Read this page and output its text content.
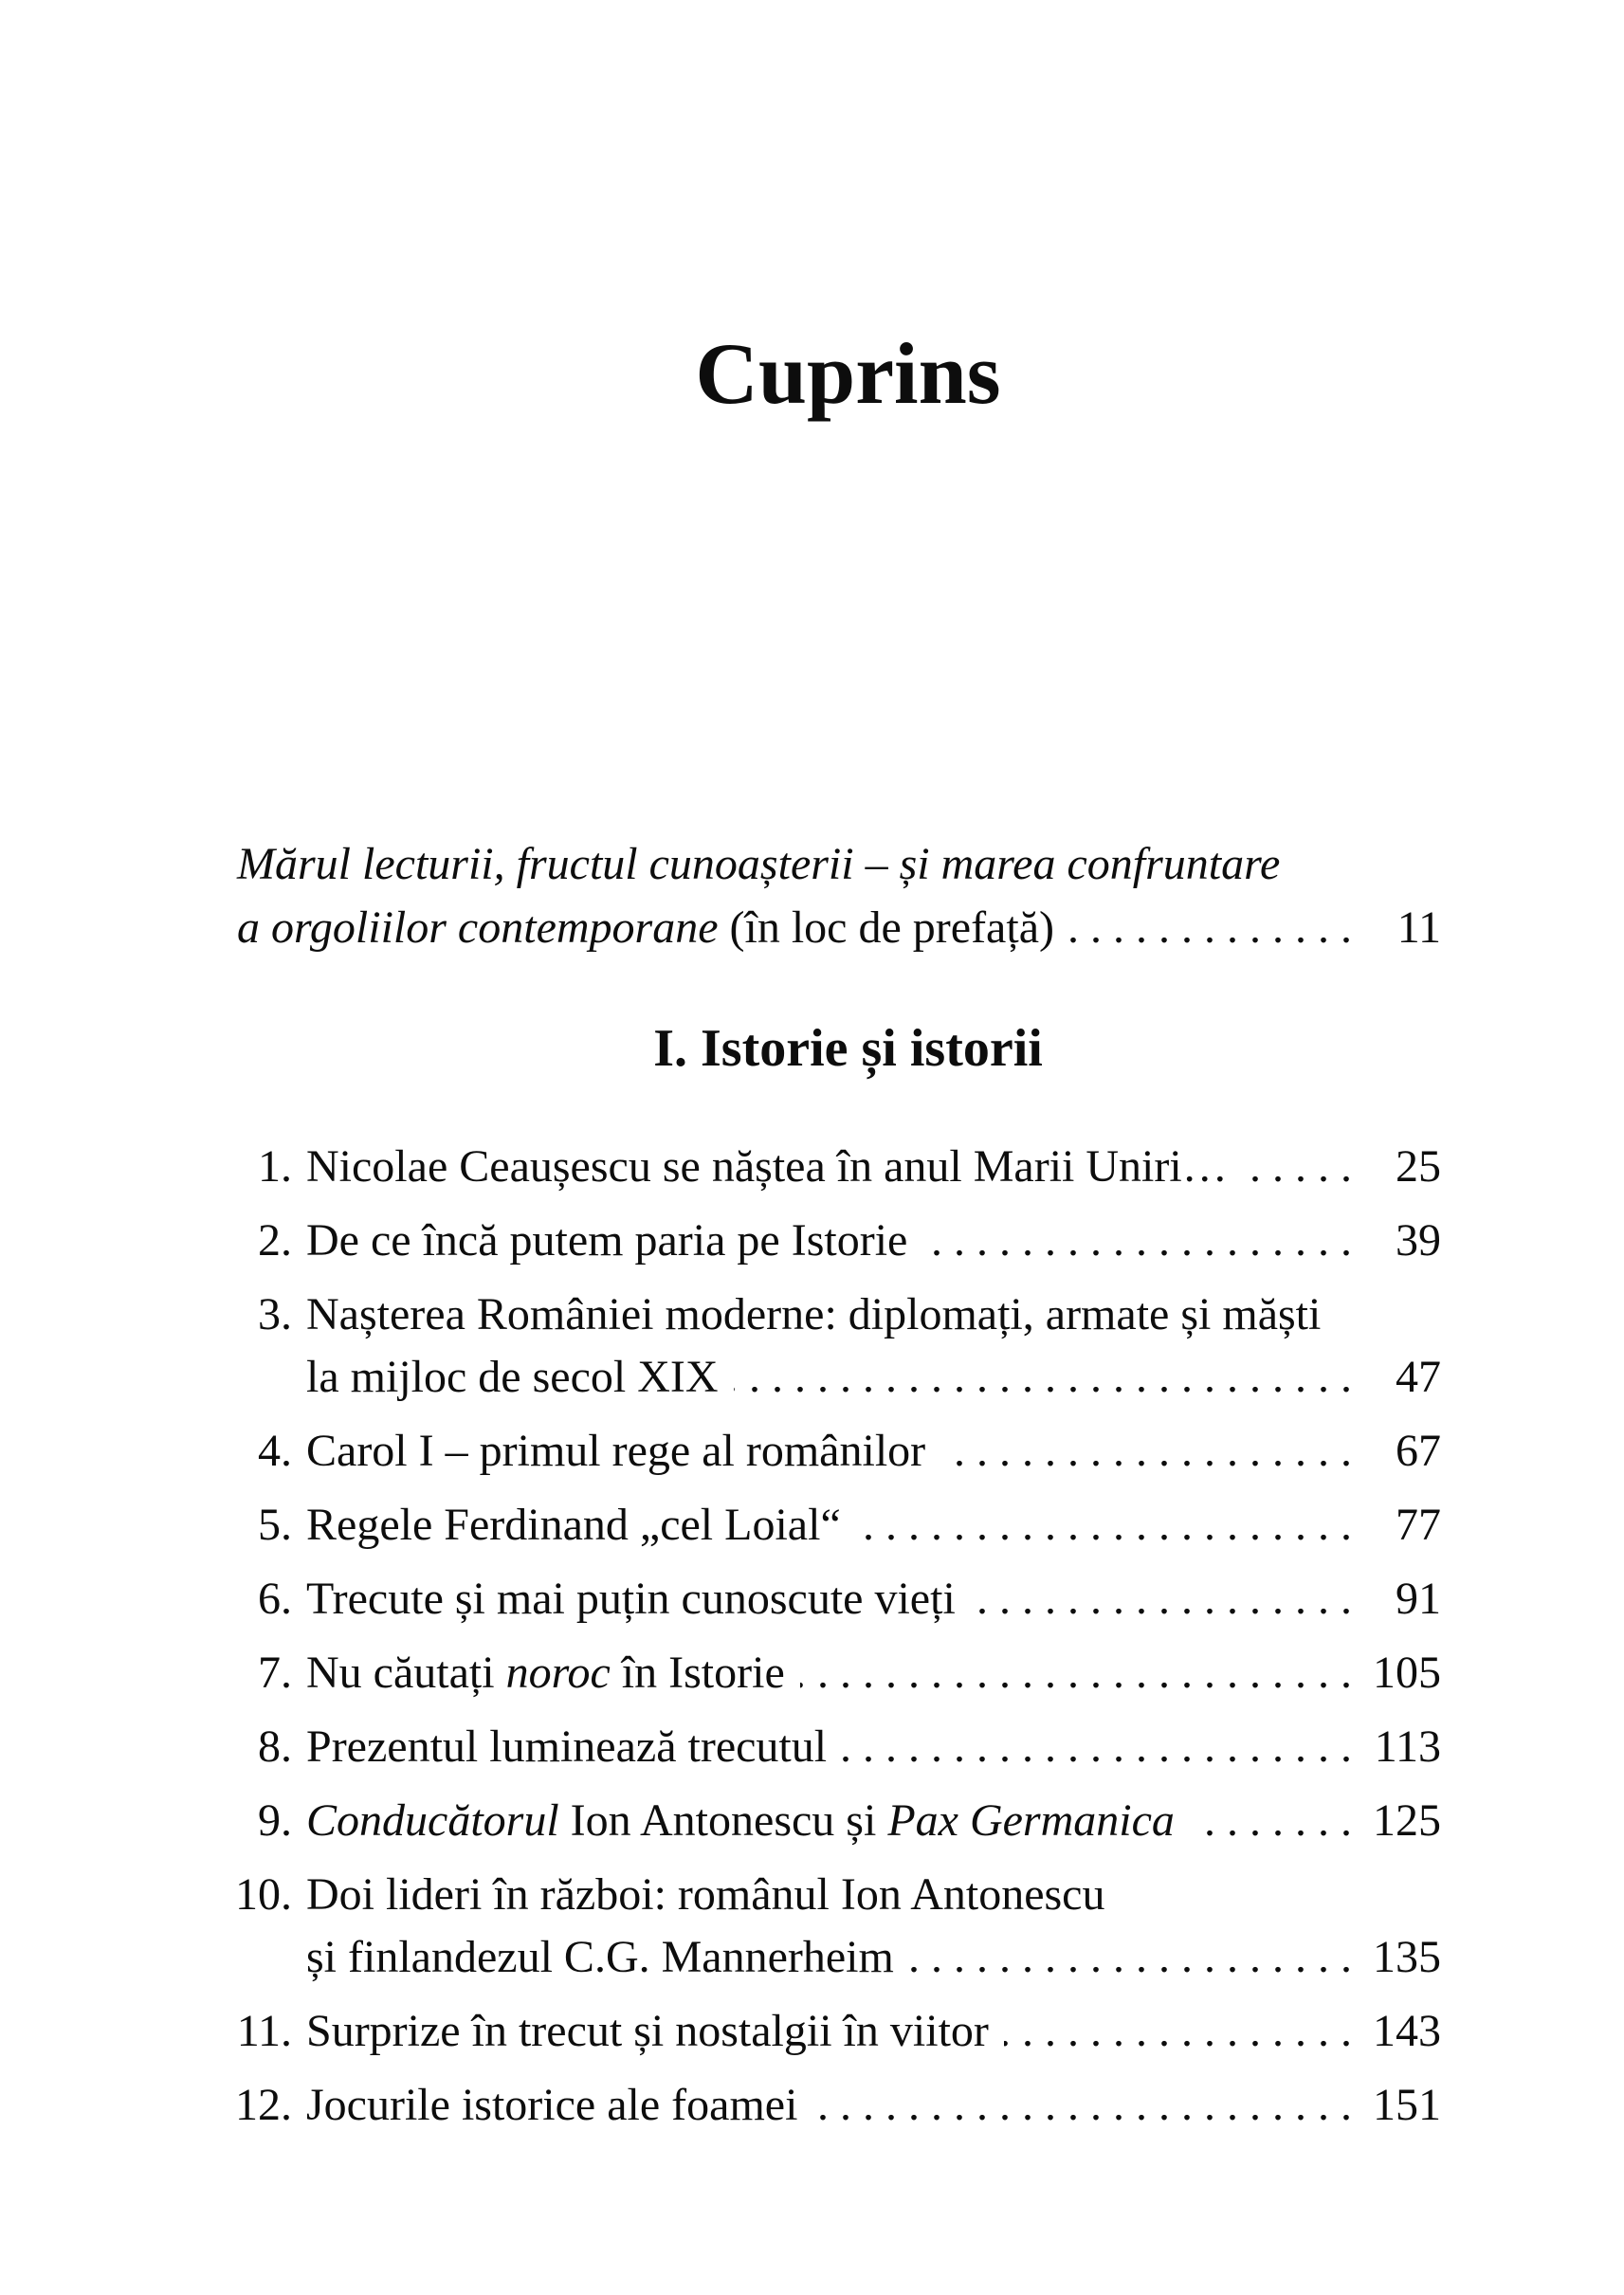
Cuprins
Mărul lecturii, fructul cunoașterii – și marea confruntare
a orgoliilor contemporane (în loc de prefață) . . .	11
I. Istorie și istorii
1. Nicolae Ceaușescu se năștea în anul Marii Uniri… . . .	25
2. De ce încă putem paria pe Istorie . . .	39
3. Nașterea României moderne: diplomați, armate și măști
la mijloc de secol XIX . . .	47
4. Carol I – primul rege al românilor . . .	67
5. Regele Ferdinand „cel Loial“ . . .	77
6. Trecute și mai puțin cunoscute vieți . . .	91
7. Nu căutați noroc în Istorie . . .	105
8. Prezentul luminează trecutul . . .	113
9. Conducătorul Ion Antonescu și Pax Germanica . . .	125
10. Doi lideri în război: românul Ion Antonescu
și finlandezul C.G. Mannerheim . . .	135
11. Surprize în trecut și nostalgii în viitor . . .	143
12. Jocurile istorice ale foamei . . .	151
